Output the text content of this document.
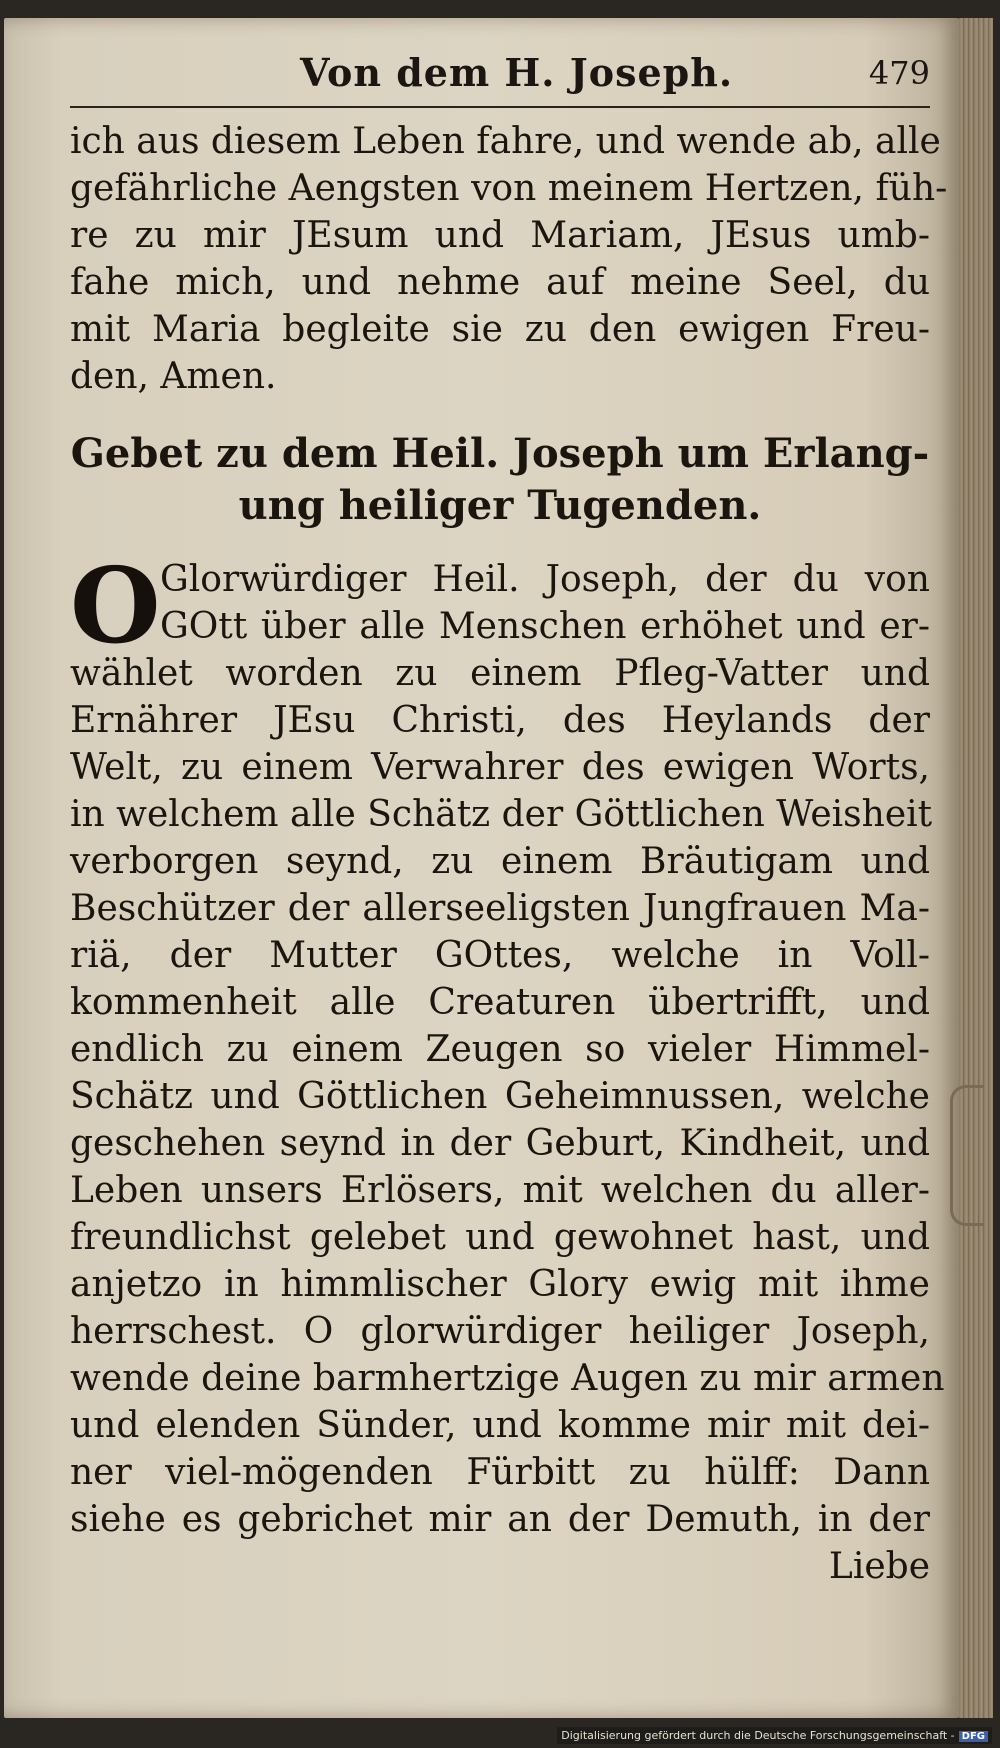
Von dem H. Joseph.	479
ich aus diesem Leben fahre, und wende ab, alle
gefährliche Aengsten von meinem Hertzen, füh-
re zu mir JEsum und Mariam, JEsus umb-
fahe mich, und nehme auf meine Seel, du
mit Maria begleite sie zu den ewigen Freu-
den, Amen.
Gebet zu dem Heil. Joseph um Erlang-
ung heiliger Tugenden.
O Glorwürdiger Heil. Joseph, der du von
GOtt über alle Menschen erhöhet und er-
wählet worden zu einem Pfleg-Vatter und
Ernährer JEsu Christi, des Heylands der
Welt, zu einem Verwahrer des ewigen Worts,
in welchem alle Schätz der Göttlichen Weisheit
verborgen seynd, zu einem Bräutigam und
Beschützer der allerseeligsten Jungfrauen Ma-
riä, der Mutter GOttes, welche in Voll-
kommenheit alle Creaturen übertrifft, und
endlich zu einem Zeugen so vieler Himmel-
Schätz und Göttlichen Geheimnussen, welche
geschehen seynd in der Geburt, Kindheit, und
Leben unsers Erlösers, mit welchen du aller-
freundlichst gelebet und gewohnet hast, und
anjetzo in himmlischer Glory ewig mit ihme
herrschest. O glorwürdiger heiliger Joseph,
wende deine barmhertzige Augen zu mir armen
und elenden Sünder, und komme mir mit dei-
ner viel-mögenden Fürbitt zu hülff: Dann
siehe es gebrichet mir an der Demuth, in der
Liebe
Digitalisierung gefördert durch die Deutsche Forschungsgemeinschaft - DFG
